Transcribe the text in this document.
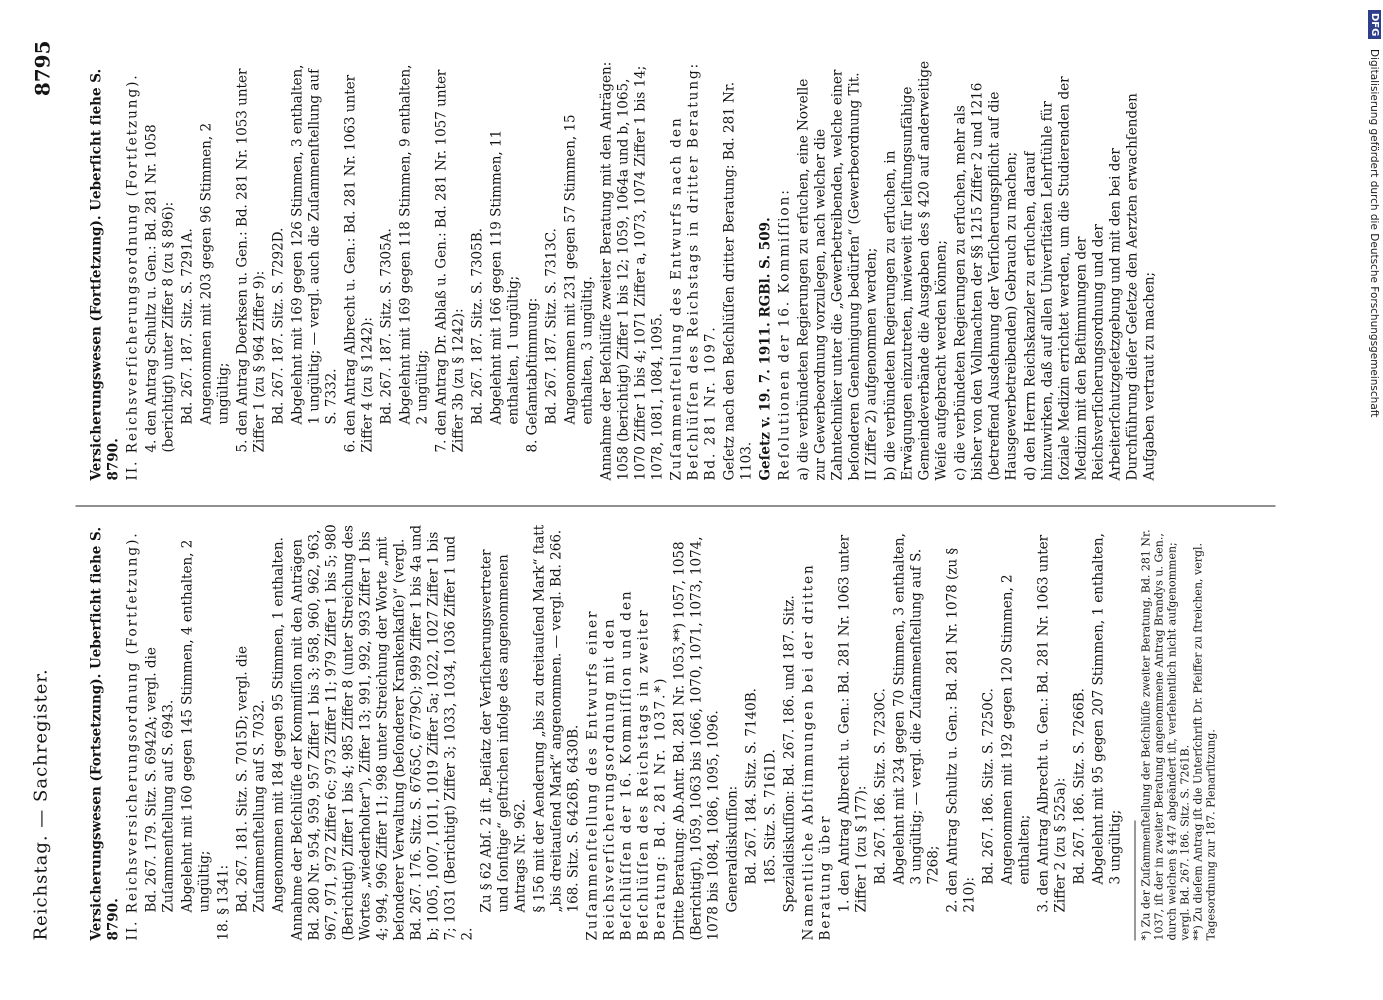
Reichstag. — Sachregister.
8795

Versicherungswesen (Fortsetzung). Ueberſicht ſiehe S. 8790. II. Reichsversicherungsordnung (Fortſetzung). Bd. 267. 179. Sitz. S. 6942A; vergl. die Zuſammenſtellung auf S. 6943. Abgelehnt mit 160 gegen 145 Stimmen, 4 enthalten, 2 ungültig; 18. § 1341: Bd. 267. 181. Sitz. S. 7015D; vergl. die Zuſammenſtellung auf S. 7032. Angenommen mit 184 gegen 95 Stimmen, 1 enthalten. Annahme der Beſchlüſſe der Kommiſſion mit den Anträgen Bd. 280 Nr. 954, 959, 957 Ziffer 1 bis 3; 958, 960, 962, 963, 967, 971, 972 Ziffer 6c; 973 Ziffer 11; 979 Ziffer 1 bis 5; 980 (Berichtigt) Ziffer 1 bis 4; 985 Ziffer 8 (unter Streichung des Wortes „wiederholter“), Ziffer 13; 991, 992, 993 Ziffer 1 bis 4; 994, 996 Ziffer 11; 998 unter Streichung der Worte „mit beſonderer Verwaltung (beſonderer Krankenkaſſe)“ (vergl. Bd. 267. 176. Sitz. S. 6765C, 6779C); 999 Ziffer 1 bis 4a und b; 1005, 1007, 1011, 1019 Ziffer 5a; 1022, 1027 Ziffer 1 bis 7; 1031 (Berichtigt) Ziffer 3; 1033, 1034, 1036 Ziffer 1 und 2.

Zu § 62 Abſ. 2 iſt „Beiſatz der Verſicherungsvertreter und ſonſtige“ geſtrichen infolge des angenommenen Antrags Nr. 962. § 156 mit der Aenderung „bis zu dreitauſend Mark“ ſtatt „bis dreitauſend Mark“ angenommen. — vergl. Bd. 266. 168. Sitz. S. 6426B, 6430B. Zuſammenſtellung des Entwurfs einer Reichsverſicherungsordnung mit den Beſchlüſſen der 16. Kommiſſion und den Beſchlüſſen des Reichstags in zweiter Beratung: Bd. 281 Nr. 1037.*) Dritte Beratung: Ab.Antr. Bd. 281 Nr. 1053,**) 1057, 1058 (Berichtigt), 1059, 1063 bis 1066, 1070, 1071, 1073, 1074, 1078 bis 1084, 1086, 1095, 1096. Generaldiskuſſion: Bd. 267. 184. Sitz. S. 7140B. 185. Sitz. S. 7161D. Spezialdiskuſſion: Bd. 267. 186. und 187. Sitz. Namentliche Abſtimmungen bei der dritten Beratung über 1. den Antrag Albrecht u. Gen.: Bd. 281 Nr. 1063 unter Ziffer 1 (zu § 177): Bd. 267. 186. Sitz. S. 7230C. Abgelehnt mit 234 gegen 70 Stimmen, 3 enthalten, 3 ungültig; — vergl. die Zuſammenſtellung auf S. 7268; 2. den Antrag Schultz u. Gen.: Bd. 281 Nr. 1078 (zu § 210):

Bd. 267. 186. Sitz. S. 7250C. Angenommen mit 192 gegen 120 Stimmen, 2 enthalten; 3. den Antrag Albrecht u. Gen.: Bd. 281 Nr. 1063 unter Ziffer 2 (zu § 525a): Bd. 267. 186. Sitz. S. 7266B. Abgelehnt mit 95 gegen 207 Stimmen, 1 enthalten, 3 ungültig; *) Zu der Zuſammenſtellung der Beſchlüſſe zweiter Beratung, Bd. 281 Nr. 1037, iſt der in zweiter Beratung angenommene Antrag Brandys u. Gen., durch welchen § 447 abgeändert iſt, verſehentlich nicht aufgenommen; vergl. Bd. 267. 186. Sitz. S. 7261B. **) Zu dieſem Antrag iſt die Unterſchrift Dr. Pfeiffer zu ſtreichen, vergl. Tagesordnung zur 187. Plenarſitzung.

Versicherungswesen (Fortſetzung). Ueberſicht ſiehe S. 8790. II. Reichsverſicherungsordnung (Fortſetzung). 4. den Antrag Schultz u. Gen.: Bd. 281 Nr. 1058 (berichtigt) unter Ziffer 8 (zu § 896): Bd. 267. 187. Sitz. S. 7291A. Angenommen mit 203 gegen 96 Stimmen, 2 ungültig; 5. den Antrag Doerksen u. Gen.: Bd. 281 Nr. 1053 unter Ziffer 1 (zu § 964 Ziffer 9): Bd. 267. 187. Sitz. S. 7292D. Abgelehnt mit 169 gegen 126 Stimmen, 3 enthalten, 1 ungültig; — vergl. auch die Zuſammenſtellung auf S. 7332. 6. den Antrag Albrecht u. Gen.: Bd. 281 Nr. 1063 unter Ziffer 4 (zu § 1242): Bd. 267. 187. Sitz. S. 7305A. Abgelehnt mit 169 gegen 118 Stimmen, 9 enthalten, 2 ungültig; 7. den Antrag Dr. Ablaß u. Gen.: Bd. 281 Nr. 1057 unter Ziffer 3b (zu § 1242): Bd. 267. 187. Sitz. S. 7305B. Abgelehnt mit 166 gegen 119 Stimmen, 11 enthalten, 1 ungültig; 8. Geſamtabſtimmung: Bd. 267. 187. Sitz. S. 7313C. Angenommen mit 231 gegen 57 Stimmen, 15 enthalten, 3 ungültig. Annahme der Beſchlüſſe zweiter Beratung mit den Anträgen: 1058 (berichtigt) Ziffer 1 bis 12; 1059, 1064a und b, 1065, 1070 Ziffer 1 bis 4; 1071 Ziffer a, 1073, 1074 Ziffer 1 bis 14; 1078, 1081, 1084, 1095. Zuſammenſtellung des Entwurfs nach den Beſchlüſſen des Reichstags in dritter Beratung: Bd. 281 Nr. 1097. Geſetz nach den Beſchlüſſen dritter Beratung: Bd. 281 Nr. 1103. Geſetz v. 19. 7. 1911. RGBl. S. 509. Reſolutionen der 16. Kommiſſion: a) die verbündeten Regierungen zu erſuchen, eine Novelle zur Gewerbeordnung vorzulegen, nach welcher die Zahntechniker unter die „Gewerbetreibenden, welche einer beſonderen Genehmigung bedürfen“ (Gewerbeordnung Tit. II Ziffer 2) aufgenommen werden; b) die verbündeten Regierungen zu erſuchen, in Erwägungen einzutreten, inwieweit für leiſtungsunfähige Gemeindeverbände die Ausgaben des § 420 auf anderweitige Weiſe aufgebracht werden können; c) die verbündeten Regierungen zu erſuchen, mehr als bisher von den Vollmachten der §§ 1215 Ziffer 2 und 1216 (betreffend Ausdehnung der Verſicherungspflicht auf die Hausgewerbetreibenden) Gebrauch zu machen; d) den Herrn Reichskanzler zu erſuchen, darauf hinzuwirken, daß auf allen Univerſitäten Lehrſtühle für ſoziale Medizin errichtet werden, um die Studierenden der Medizin mit den Beſtimmungen der Reichsverſicherungsordnung und der Arbeiterſchutzgeſetzgebung und mit den bei der Durchführung dieſer Geſetze den Aerzten erwachſenden Aufgaben vertraut zu machen;

DFG Digitalisierung gefördert durch die Deutsche Forschungsgemeinschaft
